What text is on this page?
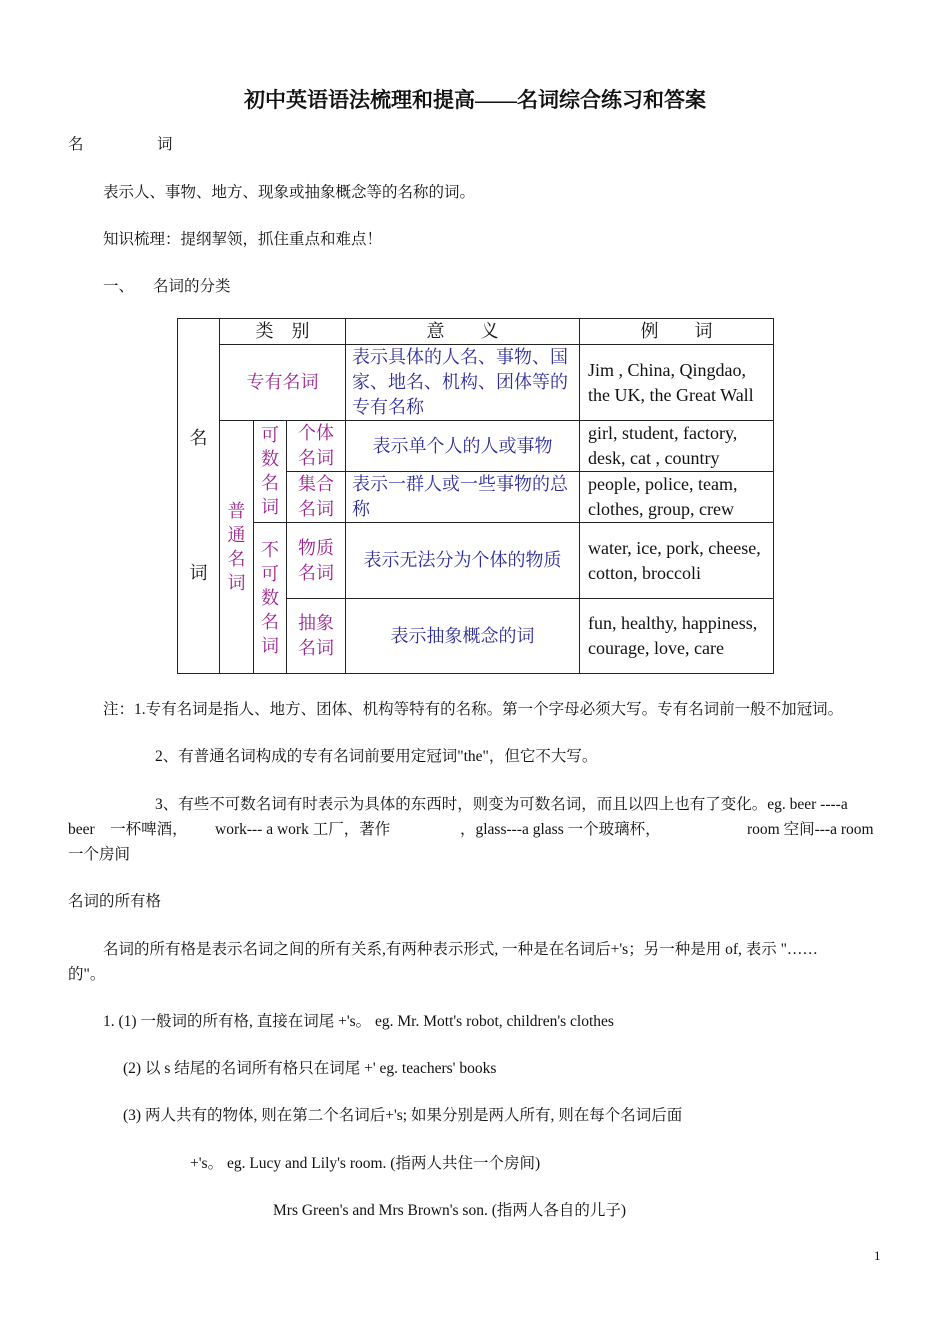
初中英语语法梳理和提高——名词综合练习和答案
名	词
表示人、事物、地方、现象或抽象概念等的名称的词。
知识梳理：提纲挈领，抓住重点和难点！
一、 名词的分类
名
词	类　别			意　　义	例　　词
	专有名词			表示具体的人名、事物、国家、地名、机构、团体等的专有名称	Jim , China, Qingdao, the UK, the Great Wall
	普通名词	可数名词	个体名词	表示单个人的人或事物	girl, student, factory, desk, cat , country
			集合名词	表示一群人或一些事物的总称	people, police, team, clothes, group, crew
		不可数名词	物质名词	表示无法分为个体的物质	water, ice, pork, cheese, cotton, broccoli
			抽象名词	表示抽象概念的词	fun, healthy, happiness, courage, love, care
注：1.专有名词是指人、地方、团体、机构等特有的名称。第一个字母必须大写。专有名词前一般不加冠词。
2、有普通名词构成的专有名词前要用定冠词"the"，但它不大写。
3、有些不可数名词有时表示为具体的东西时，则变为可数名词，而且以四上也有了变化。eg. beer ----a
beer　一杯啤酒， work--- a work 工厂，著作	，glass---a glass 一个玻璃杯，	room 空间---a room
一个房间
名词的所有格
名词的所有格是表示名词之间的所有关系,有两种表示形式, 一种是在名词后+'s；另一种是用 of, 表示 "……
的"。
1. (1) 一般词的所有格, 直接在词尾 +'s。 eg. Mr. Mott's robot, children's clothes
(2) 以 s 结尾的名词所有格只在词尾 +' eg. teachers' books
(3) 两人共有的物体, 则在第二个名词后+'s; 如果分别是两人所有, 则在每个名词后面
+'s。 eg. Lucy and Lily's room. (指两人共住一个房间)
Mrs Green's and Mrs Brown's son. (指两人各自的儿子)
1
